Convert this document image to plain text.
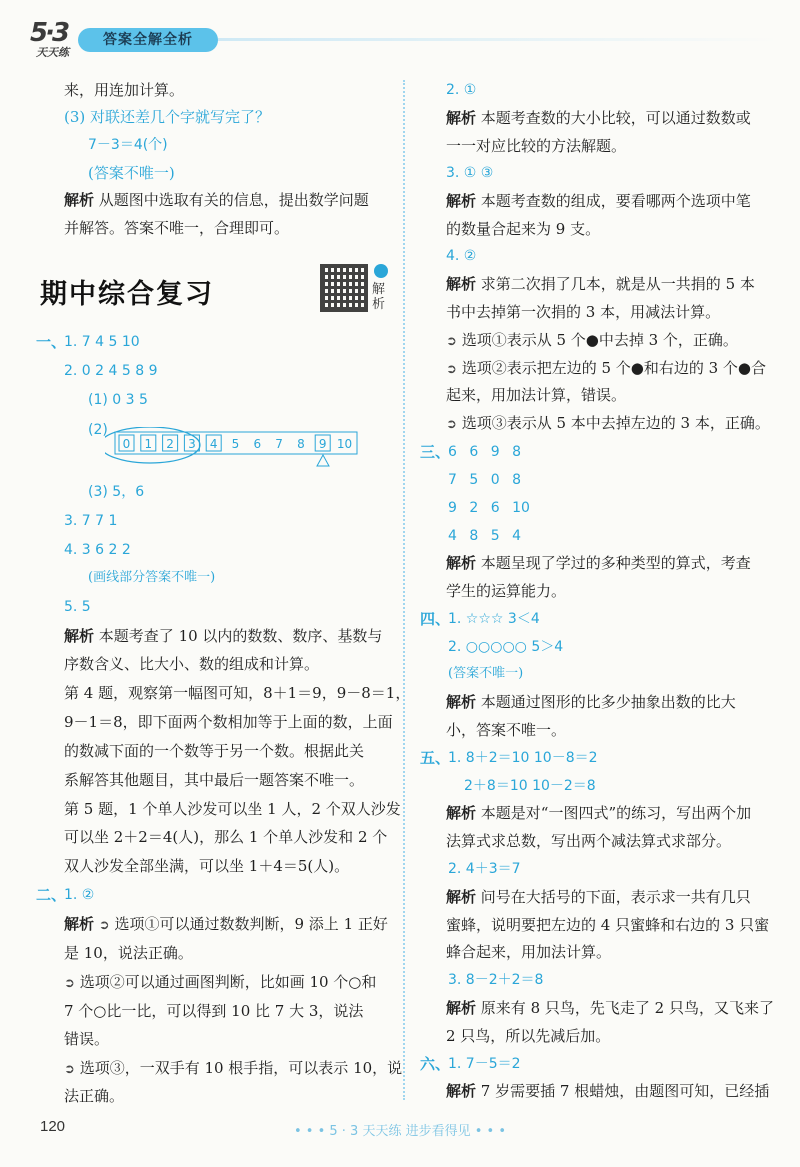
5·3
天天练
答案全解全析
来，用连加计算。
(3) 对联还差几个字就写完了？
7－3＝4(个)
(答案不唯一)
解析 从题图中选取有关的信息，提出数学问题
并解答。答案不唯一，合理即可。
期中综合复习	解析
一、
1. 7 4 5 10
2. 0 2 4 5 8 9
(1) 0 3 5
(2)
0 1 2 3 4 5 6 7 8 9 10
(3) 5，6
3. 7 7 1
4. 3 6 2 2
(画线部分答案不唯一)
5. 5
解析 本题考查了 10 以内的数数、数序、基数与
序数含义、比大小、数的组成和计算。
第 4 题，观察第一幅图可知，8＋1＝9，9－8＝1，
9－1＝8，即下面两个数相加等于上面的数，上面
的数减下面的一个数等于另一个数。根据此关
系解答其他题目，其中最后一题答案不唯一。
第 5 题，1 个单人沙发可以坐 1 人，2 个双人沙发
可以坐 2＋2＝4(人)，那么 1 个单人沙发和 2 个
双人沙发全部坐满，可以坐 1＋4＝5(人)。
二、
1. ②
解析 ➲ 选项①可以通过数数判断，9 添上 1 正好
是 10，说法正确。
➲ 选项②可以通过画图判断，比如画 10 个○和
7 个○比一比，可以得到 10 比 7 大 3，说法
错误。
➲ 选项③，一双手有 10 根手指，可以表示 10，说
法正确。
2. ①
解析 本题考查数的大小比较，可以通过数数或
一一对应比较的方法解题。
3. ① ③
解析 本题考查数的组成，要看哪两个选项中笔
的数量合起来为 9 支。
4. ②
解析 求第二次捐了几本，就是从一共捐的 5 本
书中去掉第一次捐的 3 本，用减法计算。
➲ 选项①表示从 5 个●中去掉 3 个，正确。
➲ 选项②表示把左边的 5 个●和右边的 3 个●合
起来，用加法计算，错误。
➲ 选项③表示从 5 本中去掉左边的 3 本，正确。
三、
6 6 9 8
7 5 0 8
9 2 6 10
4 8 5 4
解析 本题呈现了学过的多种类型的算式，考查
学生的运算能力。
四、
1. ☆☆☆ 3＜4
2. ○○○○○ 5＞4
(答案不唯一)
解析 本题通过图形的比多少抽象出数的比大
小，答案不唯一。
五、
1. 8＋2＝10 10－8＝2
2＋8＝10 10－2＝8
解析 本题是对“一图四式”的练习，写出两个加
法算式求总数，写出两个减法算式求部分。
2. 4＋3＝7
解析 问号在大括号的下面，表示求一共有几只
蜜蜂，说明要把左边的 4 只蜜蜂和右边的 3 只蜜
蜂合起来，用加法计算。
3. 8－2＋2＝8
解析 原来有 8 只鸟，先飞走了 2 只鸟，又飞来了
2 只鸟，所以先减后加。
六、
1. 7－5＝2
解析 7 岁需要插 7 根蜡烛，由题图可知，已经插
120	• • • 5 · 3 天天练 进步看得见 • • •
